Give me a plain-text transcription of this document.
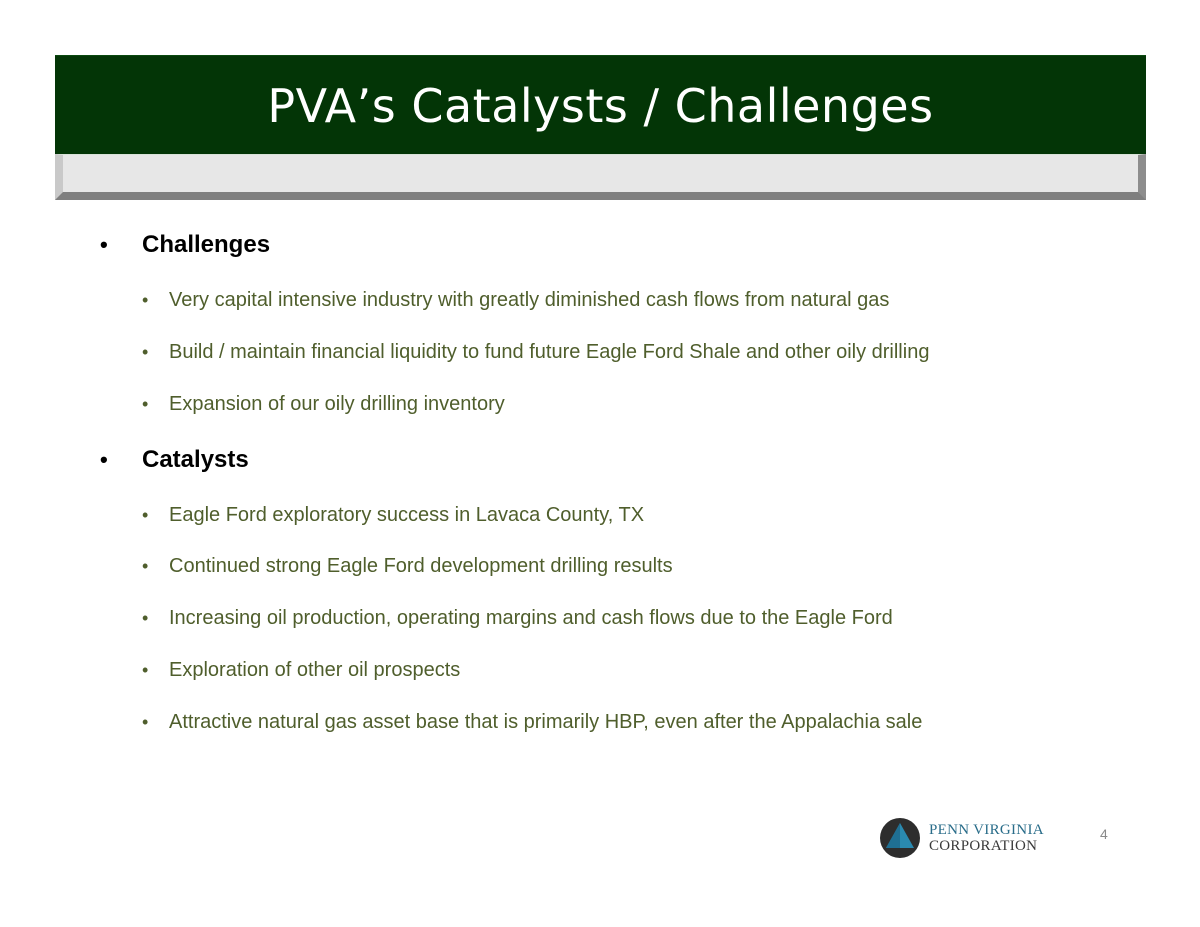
PVA’s Catalysts / Challenges
•	Challenges
•	Very capital intensive industry with greatly diminished cash flows from natural gas
•	Build / maintain financial liquidity to fund future Eagle Ford Shale and other oily drilling
•	Expansion of our oily drilling inventory
•	Catalysts
•	Eagle Ford exploratory success in Lavaca County, TX
•	Continued strong Eagle Ford development drilling results
•	Increasing oil production, operating margins and cash flows due to the Eagle Ford
•	Exploration of other oil prospects
•	Attractive natural gas asset base that is primarily HBP, even after the Appalachia sale
PENN VIRGINIA
CORPORATION
4
